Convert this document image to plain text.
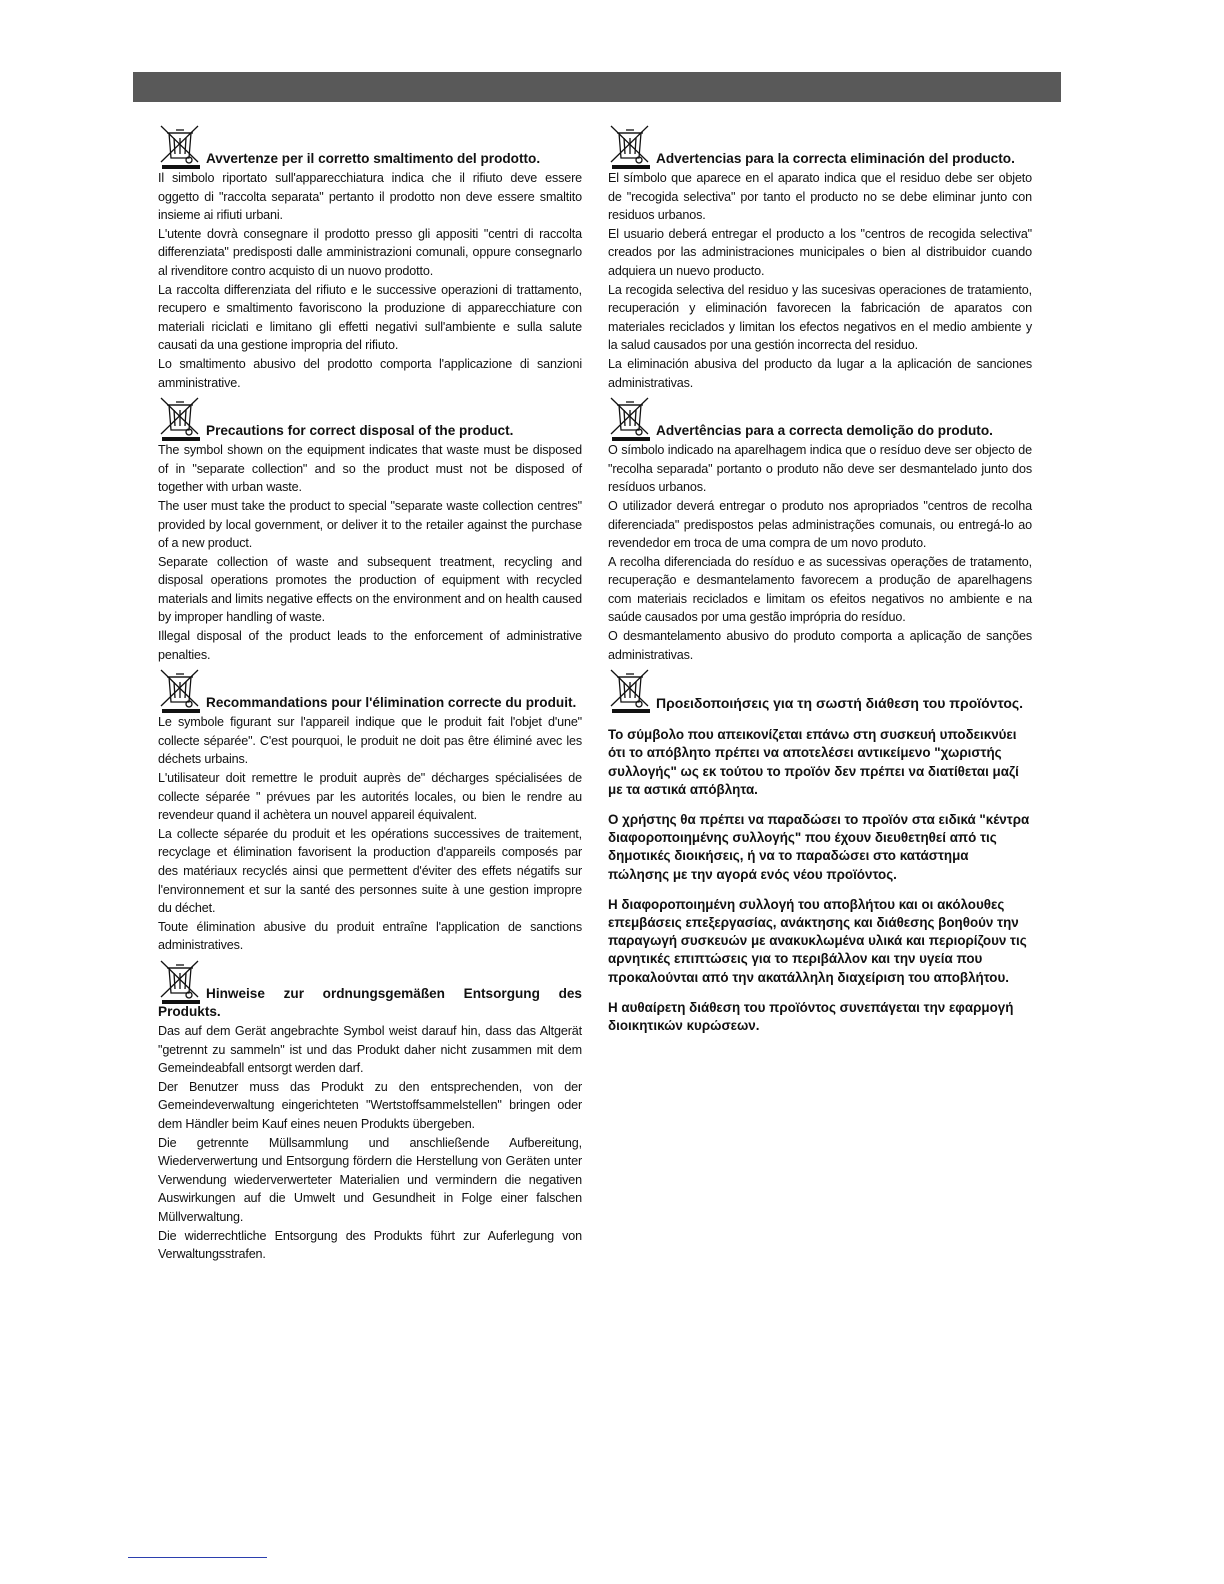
Avvertenze per il corretto smaltimento del prodotto.

Il simbolo riportato sull'apparecchiatura indica che il rifiuto deve essere oggetto di "raccolta separata" pertanto il prodotto non deve essere smaltito insieme ai rifiuti urbani.

L'utente dovrà consegnare il prodotto presso gli appositi "centri di raccolta differenziata" predisposti dalle amministrazioni comunali, oppure consegnarlo al rivenditore contro acquisto di un nuovo prodotto.

La raccolta differenziata del rifiuto e le successive operazioni di trattamento, recupero e smaltimento favoriscono la produzione di apparecchiature con materiali riciclati e limitano gli effetti negativi sull'ambiente e sulla salute causati da una gestione impropria del rifiuto.

Lo smaltimento abusivo del prodotto comporta l'applicazione di sanzioni amministrative.

Precautions for correct disposal of the product.

The symbol shown on the equipment indicates that waste must be disposed of in "separate collection" and so the product must not be disposed of together with urban waste.

The user must take the product to special "separate waste collection centres" provided by local government, or deliver it to the retailer against the purchase of a new product.

Separate collection of waste and subsequent treatment, recycling and disposal operations promotes the production of equipment with recycled materials and limits negative effects on the environment and on health caused by improper handling of waste.

Illegal disposal of the product leads to the enforcement of administrative penalties.

Recommandations pour l'élimination correcte du produit.

Le symbole figurant sur l'appareil indique que le produit fait l'objet d'une" collecte séparée". C'est pourquoi, le produit ne doit pas être éliminé avec les déchets urbains.

L'utilisateur doit remettre le produit auprès de" décharges spécialisées de collecte séparée " prévues par les autorités locales, ou bien le rendre au revendeur quand il achètera un nouvel appareil équivalent.

La collecte séparée du produit et les opérations successives de traitement, recyclage et élimination favorisent la production d'appareils composés par des matériaux recyclés ainsi que permettent d'éviter des effets négatifs sur l'environnement et sur la santé des personnes suite à une gestion impropre du déchet.

Toute élimination abusive du produit entraîne l'application de sanctions administratives.

Hinweise zur ordnungsgemäßen Entsorgung des Produkts.

Das auf dem Gerät angebrachte Symbol weist darauf hin, dass das Altgerät "getrennt zu sammeln" ist und das Produkt daher nicht zusammen mit dem Gemeindeabfall entsorgt werden darf.

Der Benutzer muss das Produkt zu den entsprechenden, von der Gemeindeverwaltung eingerichteten "Wertstoffsammelstellen" bringen oder dem Händler beim Kauf eines neuen Produkts übergeben.

Die getrennte Müllsammlung und anschließende Aufbereitung, Wiederverwertung und Entsorgung fördern die Herstellung von Geräten unter Verwendung wiederverwerteter Materialien und vermindern die negativen Auswirkungen auf die Umwelt und Gesundheit in Folge einer falschen Müllverwaltung.

Die widerrechtliche Entsorgung des Produkts führt zur Auferlegung von Verwaltungsstrafen.

Advertencias para la correcta eliminación del producto.

El símbolo que aparece en el aparato indica que el residuo debe ser objeto de "recogida selectiva" por tanto el producto no se debe eliminar junto con residuos urbanos.

El usuario deberá entregar el producto a los "centros de recogida selectiva" creados por las administraciones municipales o bien al distribuidor cuando adquiera un nuevo producto.

La recogida selectiva del residuo y las sucesivas operaciones de tratamiento, recuperación y eliminación favorecen la fabricación de aparatos con materiales reciclados y limitan los efectos negativos en el medio ambiente y la salud causados por una gestión incorrecta del residuo.

La eliminación abusiva del producto da lugar a la aplicación de sanciones administrativas.

Advertências para a correcta demolição do produto.

O símbolo indicado na aparelhagem indica que o resíduo deve ser objecto de "recolha separada" portanto o produto não deve ser desmantelado junto dos resíduos urbanos.

O utilizador deverá entregar o produto nos apropriados "centros de recolha diferenciada" predispostos pelas administrações comunais, ou entregá-lo ao revendedor em troca de uma compra de um novo produto.

A recolha diferenciada do resíduo e as sucessivas operações de tratamento, recuperação e desmantelamento favorecem a produção de aparelhagens com materiais reciclados e limitam os efeitos negativos no ambiente e na saúde causados por uma gestão imprópria do resíduo.

O desmantelamento abusivo do produto comporta a aplicação de sanções administrativas.

Προειδοποιήσεις για τη σωστή διάθεση του προϊόντος.

Το σύμβολο που απεικονίζεται επάνω στη συσκευή υποδεικνύει ότι το απόβλητο πρέπει να αποτελέσει αντικείμενο "χωριστής συλλογής" ως εκ τούτου το προϊόν δεν πρέπει να διατίθεται μαζί με τα αστικά απόβλητα.

Ο χρήστης θα πρέπει να παραδώσει το προϊόν στα ειδικά "κέντρα διαφοροποιημένης συλλογής" που έχουν διευθετηθεί από τις δημοτικές διοικήσεις, ή να το παραδώσει στο κατάστημα πώλησης με την αγορά ενός νέου προϊόντος.

Η διαφοροποιημένη συλλογή του αποβλήτου και οι ακόλουθες επεμβάσεις επεξεργασίας, ανάκτησης και διάθεσης βοηθούν την παραγωγή συσκευών με ανακυκλωμένα υλικά και περιορίζουν τις αρνητικές επιπτώσεις για το περιβάλλον και την υγεία που προκαλούνται από την ακατάλληλη διαχείριση του αποβλήτου.

Η αυθαίρετη διάθεση του προϊόντος συνεπάγεται την εφαρμογή διοικητικών κυρώσεων.
